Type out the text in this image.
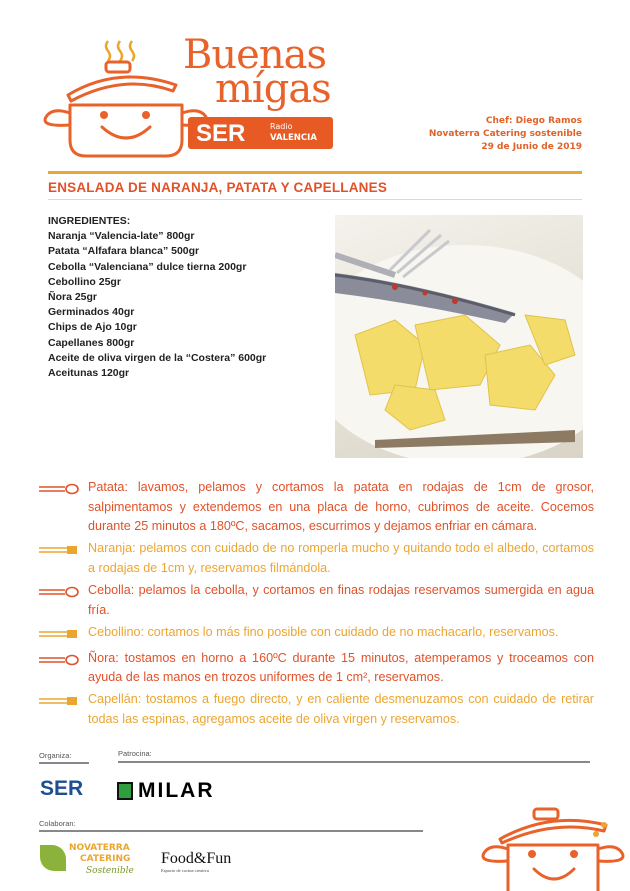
Buenas
mígas
SER	Radio
VALENCIA
Chef: Diego Ramos
Novaterra Catering sostenible
29 de Junio de 2019
ENSALADA DE NARANJA, PATATA Y CAPELLANES
INGREDIENTES:
Naranja “Valencia-late” 800gr
Patata “Alfafara blanca” 500gr
Cebolla “Valenciana” dulce tierna 200gr
Cebollino 25gr
Ñora 25gr
Germinados 40gr
Chips de Ajo 10gr
Capellanes 800gr
Aceite de oliva virgen de la “Costera” 600gr
Aceitunas 120gr
Patata: lavamos, pelamos y cortamos la patata en rodajas de 1cm de grosor, salpimentamos y extendemos en una placa de horno, cubrimos de aceite. Cocemos durante 25 minutos a 180ºC, sacamos, escurrimos y dejamos enfriar en cámara.
Naranja: pelamos con cuidado de no romperla mucho y quitando todo el albedo, cortamos a rodajas de 1cm y, reservamos filmándola.
Cebolla: pelamos la cebolla, y cortamos en finas rodajas reservamos sumergida en agua fría.
Cebollino: cortamos lo más fino posible con cuidado de no machacarlo, reservamos.
Ñora: tostamos en horno a 160ºC durante 15 minutos, atemperamos y troceamos con ayuda de las manos en trozos uniformes de 1 cm², reservamos.
Capellán: tostamos a fuego directo, y en caliente desmenuzamos con cuidado de retirar todas las espinas, agregamos aceite de oliva virgen y reservamos.
Organiza:	Patrocina:
SER	MILAR
Colaboran:
NOVATERRA
CATERING
Sostenible
Food&Fun
Espacio de cocina creativa
